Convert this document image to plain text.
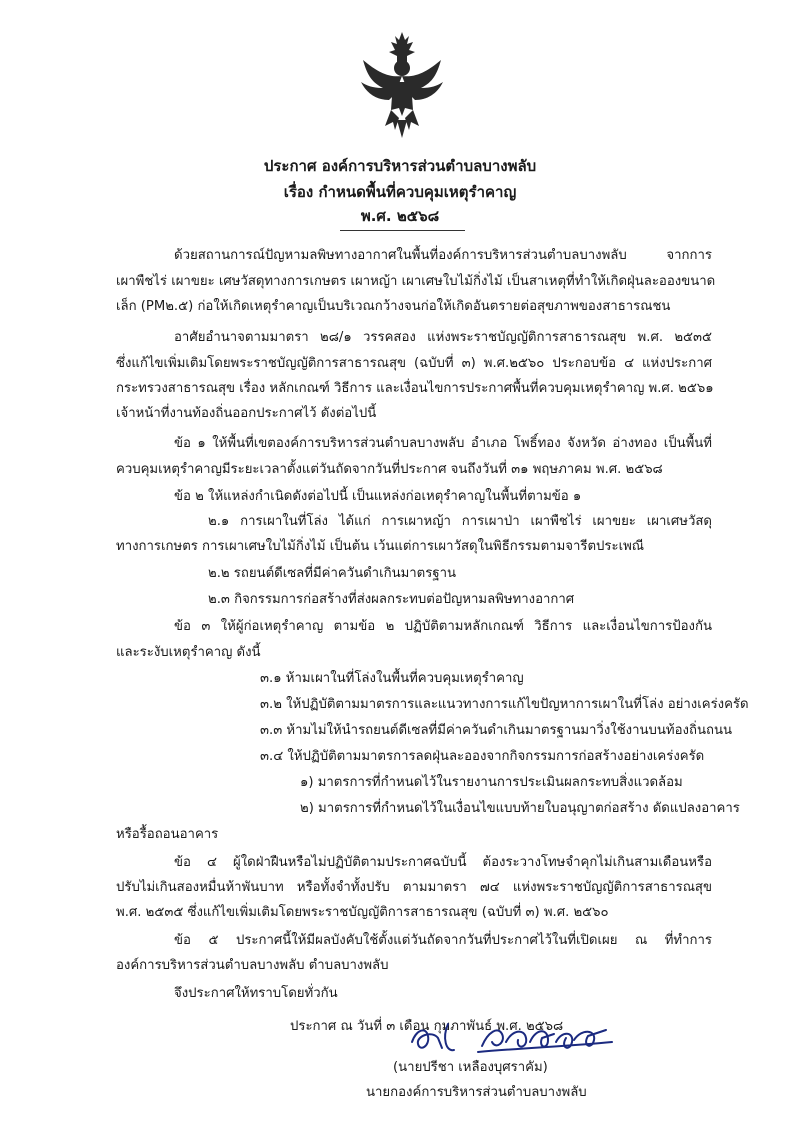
ประกาศ องค์การบริหารส่วนตำบลบางพลับ
เรื่อง กำหนดพื้นที่ควบคุมเหตุรำคาญ
พ.ศ. ๒๕๖๘
ด้วยสถานการณ์ปัญหามลพิษทางอากาศในพื้นที่องค์การบริหารส่วนตำบลบางพลับ จากการ
เผาพืชไร่ เผาขยะ เศษวัสดุทางการเกษตร เผาหญ้า เผาเศษใบไม้กิ่งไม้ เป็นสาเหตุที่ทำให้เกิดฝุ่นละอองขนาด
เล็ก (PM๒.๕) ก่อให้เกิดเหตุรำคาญเป็นบริเวณกว้างจนก่อให้เกิดอันตรายต่อสุขภาพของสาธารณชน
อาศัยอำนาจตามมาตรา ๒๘/๑ วรรคสอง แห่งพระราชบัญญัติการสาธารณสุข พ.ศ. ๒๕๓๕
ซึ่งแก้ไขเพิ่มเติมโดยพระราชบัญญัติการสาธารณสุข (ฉบับที่ ๓) พ.ศ.๒๕๖๐ ประกอบข้อ ๔ แห่งประกาศ
กระทรวงสาธารณสุข เรื่อง หลักเกณฑ์ วิธีการ และเงื่อนไขการประกาศพื้นที่ควบคุมเหตุรำคาญ พ.ศ. ๒๕๖๑
เจ้าหน้าที่งานท้องถิ่นออกประกาศไว้ ดังต่อไปนี้
ข้อ ๑ ให้พื้นที่เขตองค์การบริหารส่วนตำบลบางพลับ อำเภอ โพธิ์ทอง จังหวัด อ่างทอง เป็นพื้นที่
ควบคุมเหตุรำคาญมีระยะเวลาตั้งแต่วันถัดจากวันที่ประกาศ จนถึงวันที่ ๓๑ พฤษภาคม พ.ศ. ๒๕๖๘
ข้อ ๒ ให้แหล่งกำเนิดดังต่อไปนี้ เป็นแหล่งก่อเหตุรำคาญในพื้นที่ตามข้อ ๑
๒.๑ การเผาในที่โล่ง ได้แก่ การเผาหญ้า การเผาป่า เผาพืชไร่ เผาขยะ เผาเศษวัสดุ
ทางการเกษตร การเผาเศษใบไม้กิ่งไม้ เป็นต้น เว้นแต่การเผาวัสดุในพิธีกรรมตามจารีตประเพณี
๒.๒ รถยนต์ดีเซลที่มีค่าควันดำเกินมาตรฐาน
๒.๓ กิจกรรมการก่อสร้างที่ส่งผลกระทบต่อปัญหามลพิษทางอากาศ
ข้อ ๓ ให้ผู้ก่อเหตุรำคาญ ตามข้อ ๒ ปฏิบัติตามหลักเกณฑ์ วิธีการ และเงื่อนไขการป้องกัน
และระงับเหตุรำคาญ ดังนี้
๓.๑ ห้ามเผาในที่โล่งในพื้นที่ควบคุมเหตุรำคาญ
๓.๒ ให้ปฏิบัติตามมาตรการและแนวทางการแก้ไขปัญหาการเผาในที่โล่ง อย่างเคร่งครัด
๓.๓ ห้ามไม่ให้นำรถยนต์ดีเซลที่มีค่าควันดำเกินมาตรฐานมาวิ่งใช้งานบนท้องถิ่นถนน
๓.๔ ให้ปฏิบัติตามมาตรการลดฝุ่นละอองจากกิจกรรมการก่อสร้างอย่างเคร่งครัด
๑) มาตรการที่กำหนดไว้ในรายงานการประเมินผลกระทบสิ่งแวดล้อม
๒) มาตรการที่กำหนดไว้ในเงื่อนไขแบบท้ายใบอนุญาตก่อสร้าง ดัดแปลงอาคาร
หรือรื้อถอนอาคาร
ข้อ ๔ ผู้ใดฝ่าฝืนหรือไม่ปฏิบัติตามประกาศฉบับนี้ ต้องระวางโทษจำคุกไม่เกินสามเดือนหรือ
ปรับไม่เกินสองหมื่นห้าพันบาท หรือทั้งจำทั้งปรับ ตามมาตรา ๗๔ แห่งพระราชบัญญัติการสาธารณสุข
พ.ศ. ๒๕๓๕ ซึ่งแก้ไขเพิ่มเติมโดยพระราชบัญญัติการสาธารณสุข (ฉบับที่ ๓) พ.ศ. ๒๕๖๐
ข้อ ๕ ประกาศนี้ให้มีผลบังคับใช้ตั้งแต่วันถัดจากวันที่ประกาศไว้ในที่เปิดเผย ณ ที่ทำการ
องค์การบริหารส่วนตำบลบางพลับ ตำบลบางพลับ
จึงประกาศให้ทราบโดยทั่วกัน
ประกาศ ณ วันที่ ๓ เดือน กุมภาพันธ์ พ.ศ. ๒๕๖๘
(นายปรีชา เหลืองบุศราคัม)
นายกองค์การบริหารส่วนตำบลบางพลับ
